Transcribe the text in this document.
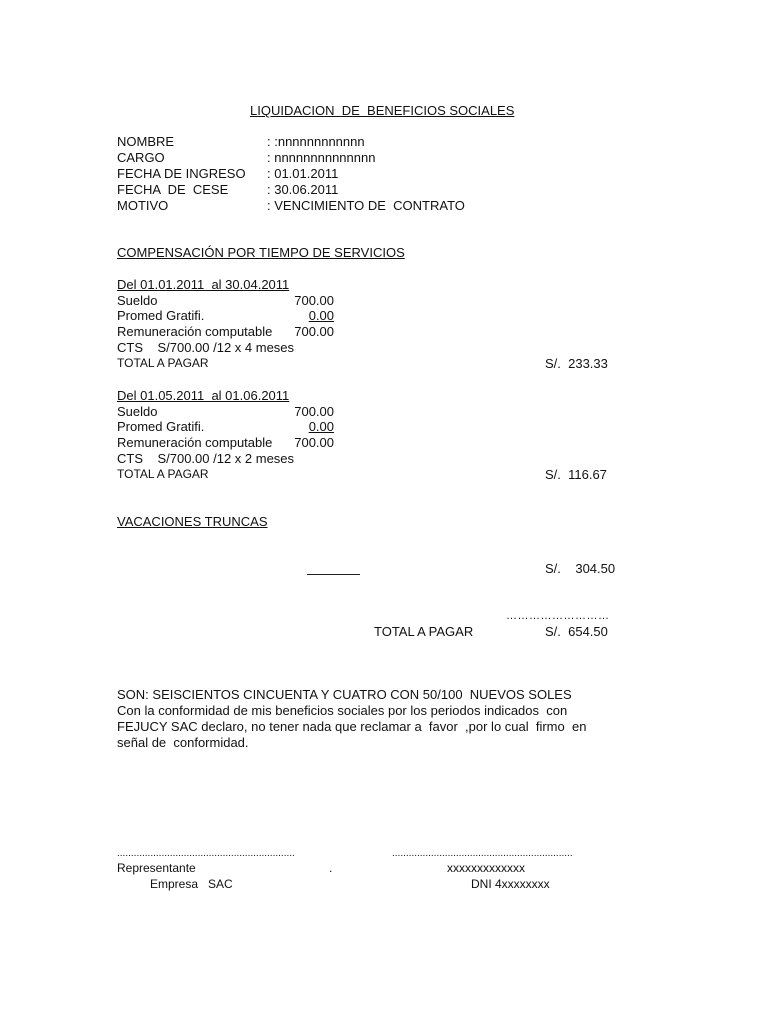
LIQUIDACION  DE  BENEFICIOS SOCIALES
NOMBRE	: :nnnnnnnnnnnn
CARGO	: nnnnnnnnnnnnnn
FECHA DE INGRESO : 01.01.2011
FECHA  DE  CESE	: 30.06.2011
MOTIVO	: VENCIMIENTO DE  CONTRATO
COMPENSACIÓN POR TIEMPO DE SERVICIOS
Del 01.01.2011  al 30.04.2011
Sueldo	700.00
Promed Gratifi.	0.00
Remuneración computable	700.00
CTS    S/700.00 /12 x 4 meses
TOTAL A PAGAR	S/.  233.33
Del 01.05.2011  al 01.06.2011
Sueldo	700.00
Promed Gratifi.	0.00
Remuneración computable	700.00
CTS    S/700.00 /12 x 2 meses
TOTAL A PAGAR	S/.  116.67
VACACIONES TRUNCAS
S/.    304.50
………………………
TOTAL A PAGAR	S/.  654.50
SON: SEISCIENTOS CINCUENTA Y CUATRO CON 50/100  NUEVOS SOLES
Con la conformidad de mis beneficios sociales por los periodos indicados  con
FEJUCY SAC declaro, no tener nada que reclamar a  favor  ,por lo cual  firmo  en
señal de  conformidad.
................................................................
Representante	.
Empresa   SAC
.................................................................
xxxxxxxxxxxxx
DNI 4xxxxxxxx
